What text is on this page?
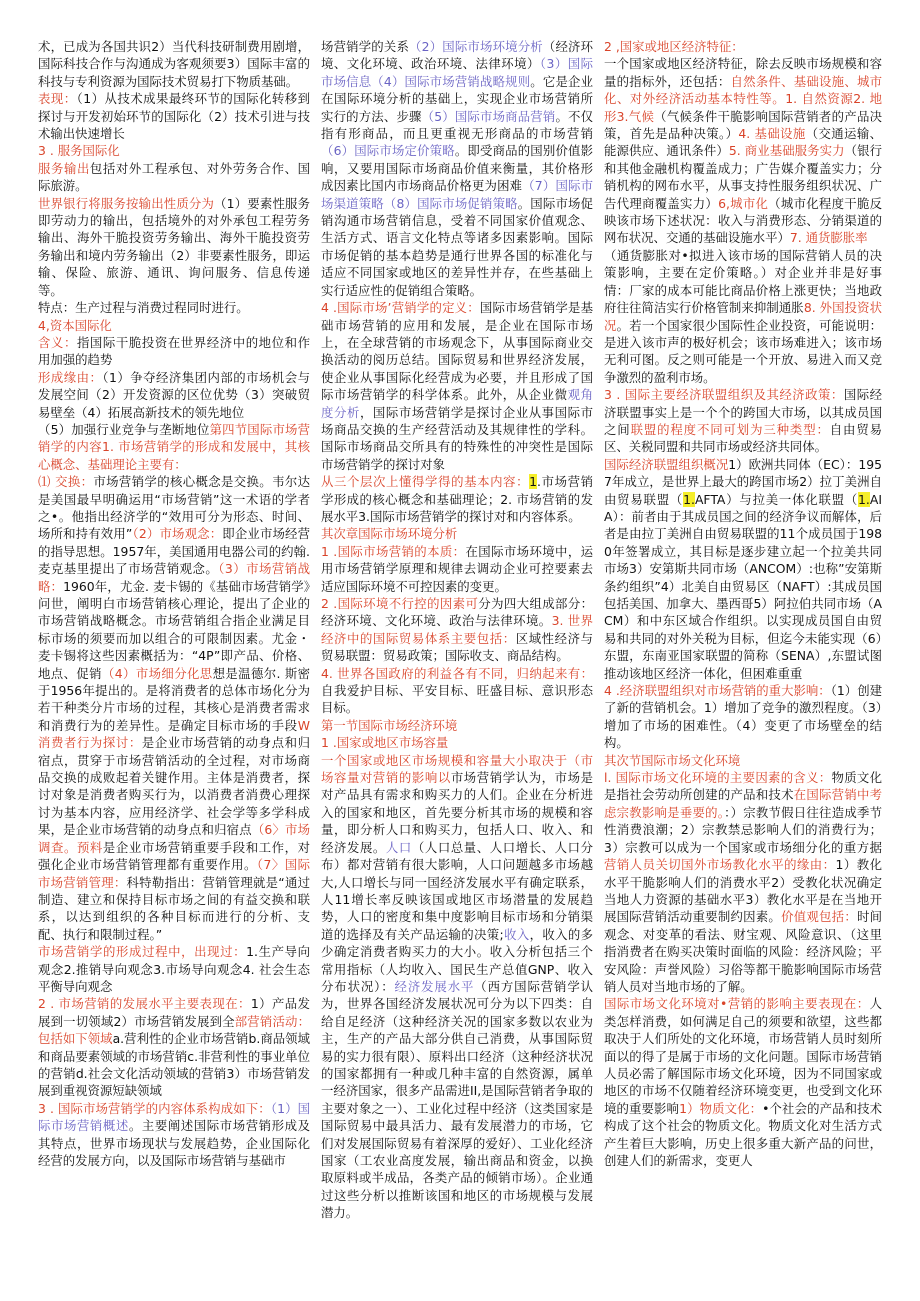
术，已成为各国共识2）当代科技研制费用剧增，国际科技合作与沟通成为客观须要3）国际丰富的科技与专利资源为国际技术贸易打下物质基础。

表现：（1）从技术成果最终环节的国际化转移到探讨与开发初始环节的国际化（2）技术引进与技术输出快速增长

3 . 服务国际化

服务输出包括对外工程承包、对外劳务合作、国际旅游。

世界银行将服务按输出性质分为（1）要素性服务即劳动力的输出，包括境外的对外承包工程劳务输出、海外干脆投资劳务输出、海外干脆投资劳务输出和境内劳务输出（2）非要素性服务，即运输、保险、旅游、通讯、询问服务、信息传递等。

特点：生产过程与消费过程同时进行。

4,资本国际化

含义：指国际干脆投资在世界经济中的地位和作用加强的趋势

形成缘由：（1）争夺经济集团内部的市场机会与发展空间（2）开发资源的区位优势（3）突破贸易壁垒（4）拓展高新技术的领先地位

（5）加强行业竞争与垄断地位第四节国际市场营销学的内容1. 市场营销学的形成和发展中，其核心概念、基础理论主要有：

⑴ 交换：市场营销学的核心概念是交换。韦尔达是美国最早明确运用“市场营销”这一术语的学者之•。他指出经济学的“效用可分为形态、时间、场所和持有效用”（2）市场观念：即企业市场经营的指导思想。1957年，美国通用电器公司的约翰. 麦克基里提出了市场营销观念。（3）市场营销战略：1960年，尤金. 麦卡锡的《基础市场营销学》问世，阐明白市场营销核心理论，提出了企业的市场营销战略概念。市场营销组合指企业满足目标市场的须要而加以组合的可限制因素。尤金・麦卡锡将这些因素概括为：“4P”即产品、价格、地点、促销（4）市场细分化思想是温德尔. 斯密于1956年提出的。是将消费者的总体市场化分为若干种类分片市场的过程，其核心是消费者需求和消费行为的差异性。是确定目标市场的手段W消费者行为探讨：是企业市场营销的动身点和归宿点，贯穿于市场营销活动的全过程，对市场商品交换的成败起着关键作用。主体是消费者，探讨对象是消费者购买行为，以消费者消费心理探讨为基本内容，应用经济学、社会学等多学科成果，是企业市场营销的动身点和归宿点（6〉市场调查。预料是企业市场营销重要手段和工作，对强化企业市场营销管理都有重要作用。（7〉国际市场营销管理：科特勒指出：营销管理就是“通过制造、建立和保持目标市场之间的有益交换和联系，以达到组织的各种目标而进行的分析、支配、执行和限制过程。”

市场营销学的形成过程中，出现过：1.生产导向观念2.推销导向观念3.市场导向观念4. 社会生态平衡导向观念

2 . 市场营销的发展水平主要表现在：1）产品发展到一切领域2）市场营销发展到全部营销活动：包括如下领域a.营利性的企业市场营销b.商品领域和商品要素领域的市场营销c.非营利性的事业单位的营销d.社会文化活动领域的营销3）市场营销发展到重视资源短缺领域

3 . 国际市场营销学的内容体系构成如下：（1）国际市场营销概述。主要阐述国际市场营销形成及其特点，世界市场现状与发展趋势，企业国际化经营的发展方向，以及国际市场营销与基础市

场营销学的关系（2）国际市场环境分析（经济环境、文化环境、政治环境、法律环境）（3）国际市场信息（4）国际市场营销战略规则。它是企业在国际环境分析的基础上，实现企业市场营销所实行的方法、步骤（5）国际市场商品营销。不仅指有形商品，而且更重视无形商品的市场营销（6）国际市场定价策略。即受商品的国别价值影响，又要用国际市场商品价值来衡量，其价格形成因素比国内市场商品价格更为困难（7）国际市场渠道策略（8）国际市场促销策略。国际市场促销沟通市场营销信息，受着不同国家价值观念、生活方式、语言文化特点等诸多因素影响。国际市场促销的基本趋势是通行世界各国的标准化与适应不同国家或地区的差异性并存，在些基础上实行适应性的促销组合策略。

4 .国际市场’营销学的定义：国际市场营销学是基础市场营销的应用和发展，是企业在国际市场上，在全球营销的市场观念下，从事国际商业交换活动的阅历总结。国际贸易和世界经济发展，使企业从事国际化经营成为必要，并且形成了国际市场营销学的科学体系。此外，从企业微观角度分析，国际市场营销学是探讨企业从事国际市场商品交换的生产经营活动及其规律性的学科。国际市场商品交所具有的特殊性的冲突性是国际市场营销学的探讨对象

从三个层次上懂得学得的基本内容：1.市场营销学形成的核心概念和基础理论；2. 市场营销的发展水平3.国际市场营销学的探讨对和内容体系。

其次章国际市场环境分析

1 .国际市场营销的本质：在国际市场环境中，运用市场营销学原理和规律去调动企业可控要素去适应国际环境不可控因素的变更。

2 .国际环境不行控的因素可分为四大组成部分：经济环境、文化环境、政治与法律环境。3. 世界经济中的国际贸易体系主要包括：区域性经济与贸易联盟：贸易政策；国际收支、商品结构。

4. 世界各国政府的利益各有不同，归纳起来有：自我爱护目标、平安目标、旺盛目标、意识形态目标。

第一节国际市场经济环境

1 .国家或地区市场容量

一个国家或地区市场规模和容量大小取决于（市场容量对营销的影响以市场营销学认为，市场是对产品具有需求和购买力的人们。企业在分析进入的国家和地区，首先要分析其市场的规模和容量，即分析人口和购买力，包括人口、收入、和经济发展。人口（人口总量、人口增长、人口分布）都对营销有很大影响，人口问题越多市场越大,人口增长与同一国经济发展水平有确定联系，人11增长率反映该国或地区市场潜量的发展趋势，人口的密度和集中度影响目标市场和分销渠道的选择及有关产品运输的决策;收入，收入的多少确定消费者购买力的大小。收入分析包括三个常用指标（人均收入、国民生产总值GNP、收入分布状况）：经济发展水平（西方国际营销学认为，世界各国经济发展状况可分为以下四类：自给自足经济（这种经济关况的国家多数以农业为主，生产的产品大部分供自己消费，从事国际贸易的实力很有限）、原料出口经济（这种经济状况的国家都拥有一种或几种丰富的自然资源，属单一经济国家，很多产品需进II,是国际营销者争取的主要对象之一）、工业化过程中经济（这类国家是国际贸易中最具活力、最有发展潜力的市场，它们对发展国际贸易有着深厚的爱好）、工业化经济国家（工农业高度发展，输出商品和资金，以换取原料或半成品，各类产品的倾销市场）。企业通过这些分析以推断该国和地区的市场规模与发展潜力。

2 ,国家或地区经济特征：

一个国家或地区经济特征，除去反映市场规模和容量的指标外，还包括：自然条件、基础设施、城市化、对外经济活动基本特性等。1. 自然资源2. 地形3.气候（气候条件干脆影响国际营销者的产品决策，首先是品种决策。）4. 基础设施（交通运输、能源供应、通讯条件）5. 商业基础服务实力（银行和其他金融机构覆盖成力；广告媒介覆盖实力；分销机构的网布水平，从事支持性服务组织状况、广告代理商覆盖实力）6,城市化（城市化程度干脆反映该市场下述状况：收入与消费形态、分销渠道的网布状况、交通的基础设施水平）7. 通货膨胀率

（通货膨胀对•拟进入该市场的国际营销人员的决策影响，主要在定价策略。）对企业并非是好事情：厂家的成本可能比商品价格上涨更快；当地政府往往简洁实行价格管制来抑制通胀8. 外国投资状况。若一个国家很少国际性企业投资，可能说明：是进入该市声的极好机会；该市场难进入；该市场无利可图。反之则可能是一个开放、易进入而又竞争激烈的盈利市场。

3 . 国际主要经济联盟组织及其经济政策：国际经济联盟事实上是一个个的跨国大市场，以其成员国之间联盟的程度不同可划为三种类型：自由贸易区、关税同盟和共同市场或经济共同体。

国际经济联盟组织概况1）欧洲共同体（EC）：1957年成立，是世界上最大的跨国市场2）拉丁美洲自由贸易联盟（1.AFTA）与拉美一体化联盟（1.AIA）：前者由于其成员国之间的经济争议而解体，后者是由拉丁美洲自由贸易联盟的11个成员国于1980年签署成立，其目标是逐步建立起一个拉美共同市场3）安第斯共同市场（ANCOM）:也称”安第斯条约组织”4）北美自由贸易区（NAFT）:其成员国包括美国、加拿大、墨西哥5）阿拉伯共同市场（ACM）和中东区域合作组织。以实现成员国自由贸易和共同的对外关税为目标，但迄今未能实现（6）东盟，东南亚国家联盟的简称（SENA）,东盟试图推动该地区经济一体化，但困难重重

4 .经济联盟组织对市场营销的重大影响：（1）创建了新的营销机会。1）增加了竞争的激烈程度。（3）增加了市场的困难性。（4）变更了市场壁垒的结构。

其次节国际市场文化环境

l. 国际市场文化环境的主要因素的含义：物质文化是指社会劳动所创建的产品和技术在国际营销中考虑宗教影响是垂要的。：）宗教节假日往往造成季节性消费浪潮；2）宗教禁忌影响人们的消费行为；3）宗教可以成为一个国家或市场细分化的重方据营销人员关切国外市场教化水平的缘由：1）教化水平干脆影响人们的消费水平2）受教化状况确定当地人力资源的基础水平3）教化水平是在当地开展国际营销活动重要制约因素。价值观包括：时间观念、对变革的看法、财宝观、风险意识、（这里指消费者在购买决策时面临的风险：经济风险；平安风险：声誉风险）习俗等都干脆影响国际市场营销人员对当地市场的了解。

国际市场文化环境对•营销的影响主要表现在：人类怎样消费，如何满足自己的须要和欲望，这些都取决于人们所处的文化环境，市场营销人员时刻所面以的得了是属于市场的文化问题。国际市场营销人员必需了解国际市场文化环境，因为不同国家或地区的市场不仅随着经济环境变更，也受到文化环境的重要影响1）物质文化：•个社会的产品和技术构成了这个社会的物质文化。物质文化对生活方式产生着巨大影响，历史上很多重大新产品的问世，创建人们的新需求，变更人
